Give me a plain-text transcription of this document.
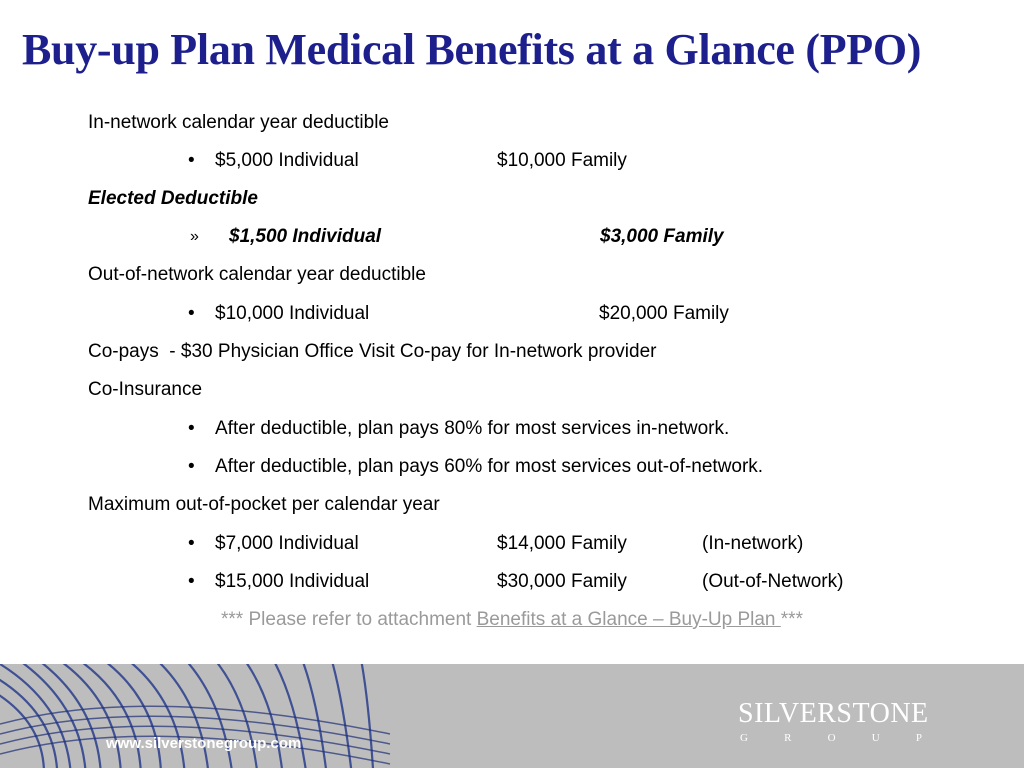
Buy-up Plan Medical Benefits at a Glance (PPO)
In-network calendar year deductible
• $5,000 Individual	$10,000 Family
Elected Deductible
» $1,500 Individual	$3,000 Family
Out-of-network calendar year deductible
• $10,000 Individual	$20,000 Family
Co-pays  - $30 Physician Office Visit Co-pay for In-network provider
Co-Insurance
• After deductible, plan pays 80% for most services in-network.
• After deductible, plan pays 60% for most services out-of-network.
Maximum out-of-pocket per calendar year
• $7,000 Individual	$14,000 Family	(In-network)
• $15,000 Individual	$30,000 Family	(Out-of-Network)
*** Please refer to attachment Benefits at a Glance – Buy-Up Plan ***
www.silverstonegroup.com
SILVERSTONE
G	R	O	U	P
